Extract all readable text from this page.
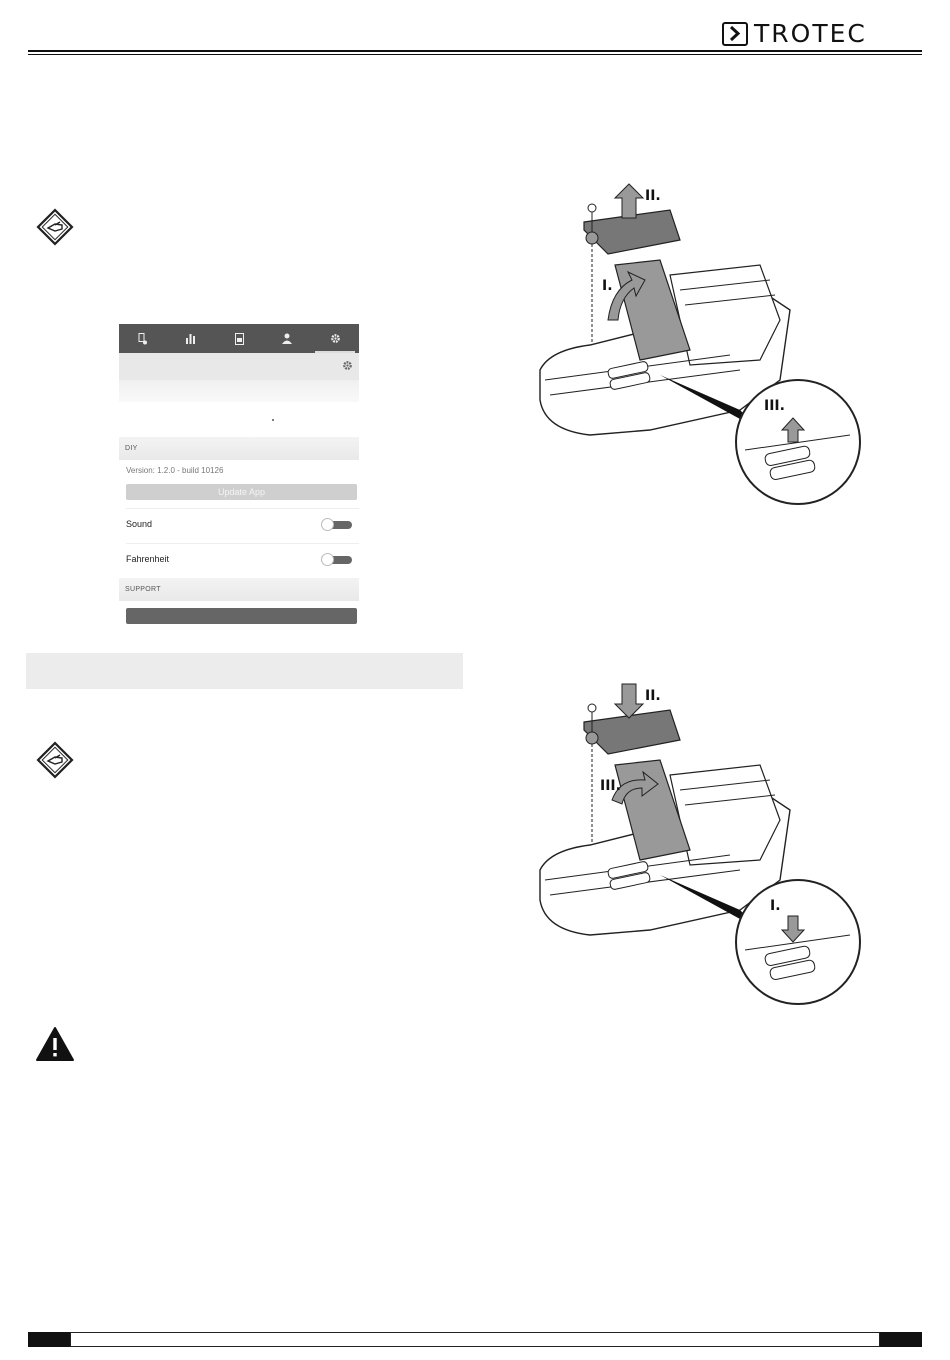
TROTEC
DIY
Version: 1.2.0 - build 10126
Update App
Sound
Fahrenheit
SUPPORT
II.
I.
III.
II.
III.
I.
